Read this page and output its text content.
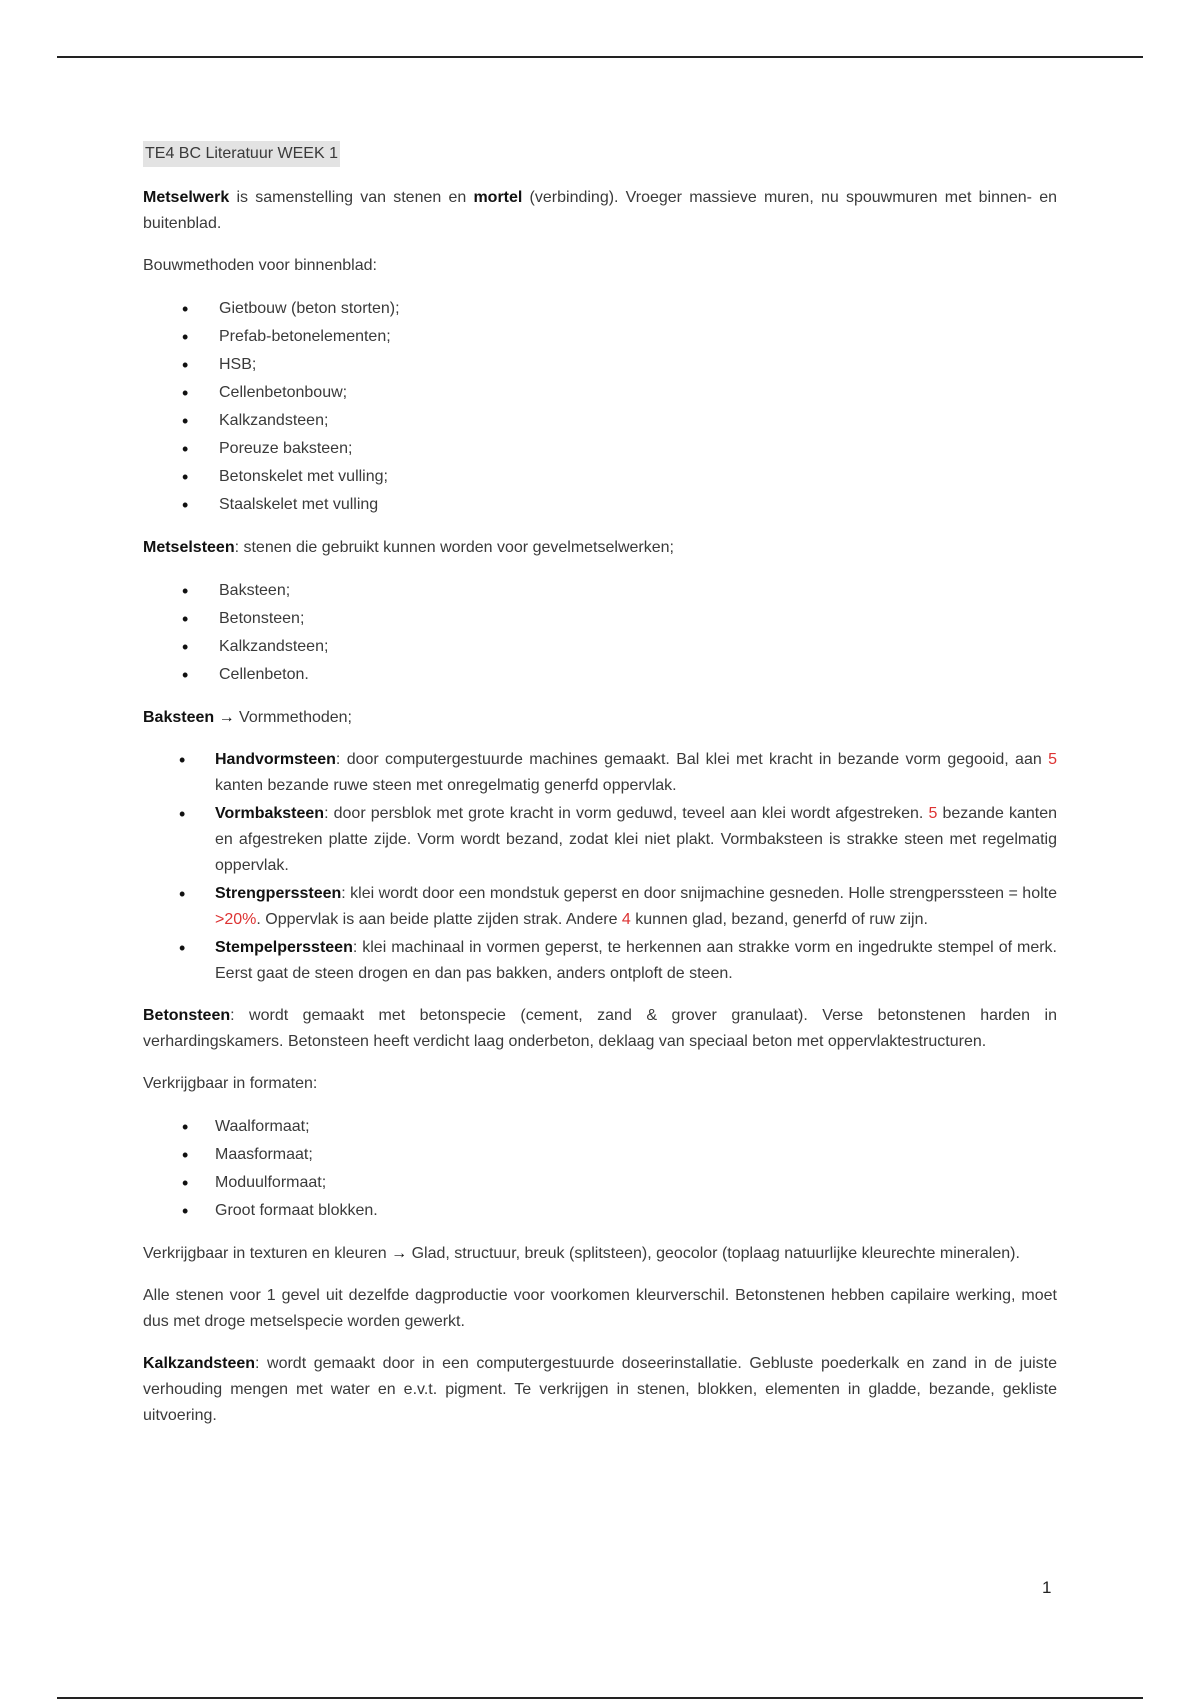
TE4 BC Literatuur WEEK 1

Metselwerk is samenstelling van stenen en mortel (verbinding). Vroeger massieve muren, nu spouwmuren met binnen- en buitenblad.

Bouwmethoden voor binnenblad:

• Gietbouw (beton storten);
• Prefab-betonelementen;
• HSB;
• Cellenbetonbouw;
• Kalkzandsteen;
• Poreuze baksteen;
• Betonskelet met vulling;
• Staalskelet met vulling

Metselsteen: stenen die gebruikt kunnen worden voor gevelmetselwerken;

• Baksteen;
• Betonsteen;
• Kalkzandsteen;
• Cellenbeton.

Baksteen → Vormmethoden;

• Handvormsteen: door computergestuurde machines gemaakt. Bal klei met kracht in bezande vorm gegooid, aan 5 kanten bezande ruwe steen met onregelmatig generfd oppervlak.
• Vormbaksteen: door persblok met grote kracht in vorm geduwd, teveel aan klei wordt afgestreken. 5 bezande kanten en afgestreken platte zijde. Vorm wordt bezand, zodat klei niet plakt. Vormbaksteen is strakke steen met regelmatig oppervlak.
• Strengperssteen: klei wordt door een mondstuk geperst en door snijmachine gesneden. Holle strengperssteen = holte >20%. Oppervlak is aan beide platte zijden strak. Andere 4 kunnen glad, bezand, generfd of ruw zijn.
• Stempelperssteen: klei machinaal in vormen geperst, te herkennen aan strakke vorm en ingedrukte stempel of merk. Eerst gaat de steen drogen en dan pas bakken, anders ontploft de steen.

Betonsteen: wordt gemaakt met betonspecie (cement, zand & grover granulaat). Verse betonstenen harden in verhardingskamers. Betonsteen heeft verdicht laag onderbeton, deklaag van speciaal beton met oppervlaktestructuren.

Verkrijgbaar in formaten:

• Waalformaat;
• Maasformaat;
• Moduulformaat;
• Groot formaat blokken.

Verkrijgbaar in texturen en kleuren → Glad, structuur, breuk (splitsteen), geocolor (toplaag natuurlijke kleurechte mineralen).

Alle stenen voor 1 gevel uit dezelfde dagproductie voor voorkomen kleurverschil. Betonstenen hebben capilaire werking, moet dus met droge metselspecie worden gewerkt.

Kalkzandsteen: wordt gemaakt door in een computergestuurde doseerinstallatie. Gebluste poederkalk en zand in de juiste verhouding mengen met water en e.v.t. pigment. Te verkrijgen in stenen, blokken, elementen in gladde, bezande, gekliste uitvoering.

1
